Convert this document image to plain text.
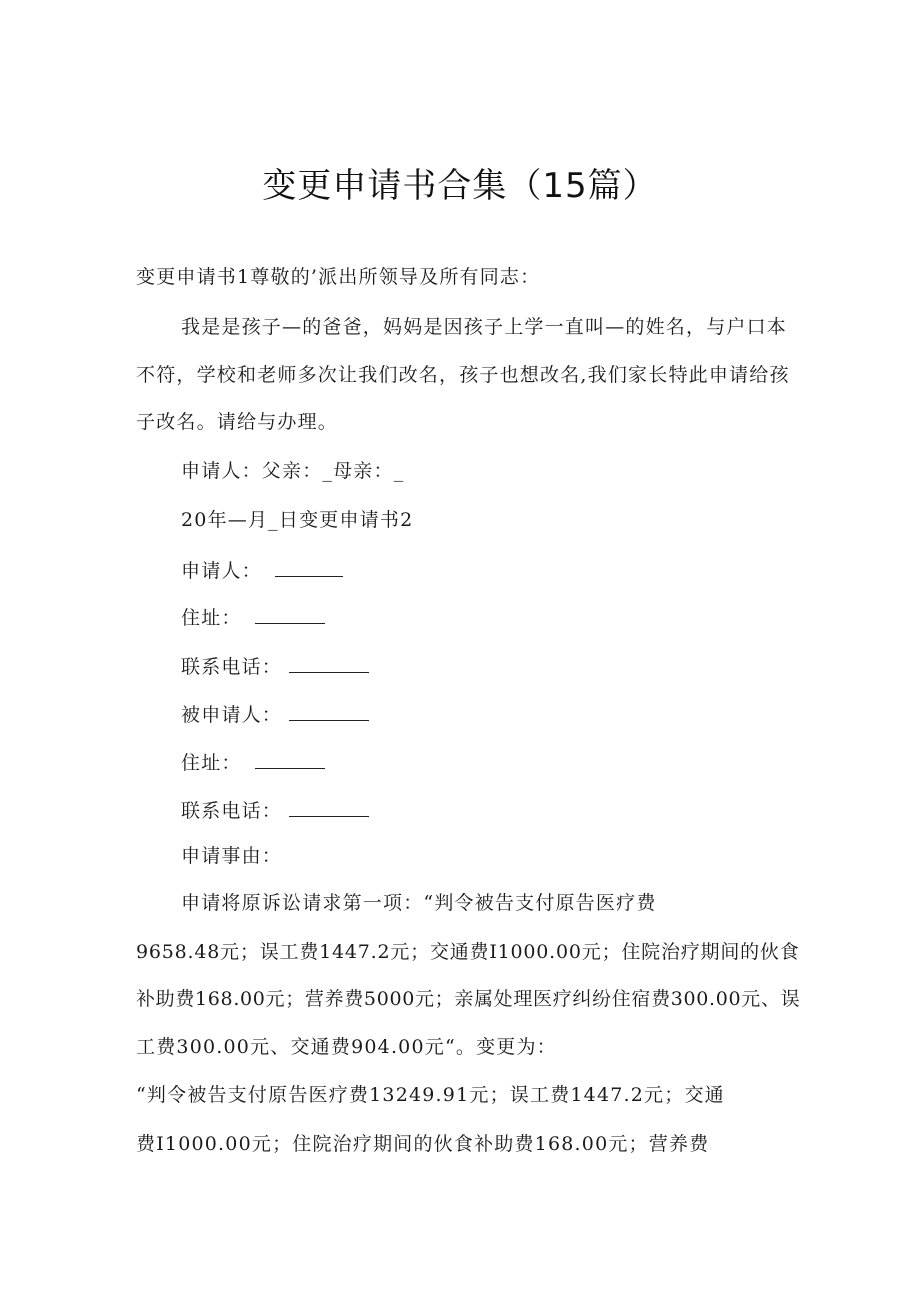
变更申请书合集（15篇）
变更申请书1尊敬的’派出所领导及所有同志：
我是是孩子—的爸爸，妈妈是因孩子上学一直叫—的姓名，与户口本
不符，学校和老师多次让我们改名，孩子也想改名,我们家长特此申请给孩
子改名。请给与办理。
申请人：父亲：_母亲：_
20年—月_日变更申请书2
申请人：
住址：
联系电话：
被申请人：
住址：
联系电话：
申请事由：
申请将原诉讼请求第一项：“判令被告支付原告医疗费
9658.48元；误工费1447.2元；交通费I1000.00元；住院治疗期间的伙食
补助费168.00元；营养费5000元；亲属处理医疗纠纷住宿费300.00元、误
工费300.00元、交通费904.00元“。变更为：
“判令被告支付原告医疗费13249.91元；误工费1447.2元；交通
费I1000.00元；住院治疗期间的伙食补助费168.00元；营养费
